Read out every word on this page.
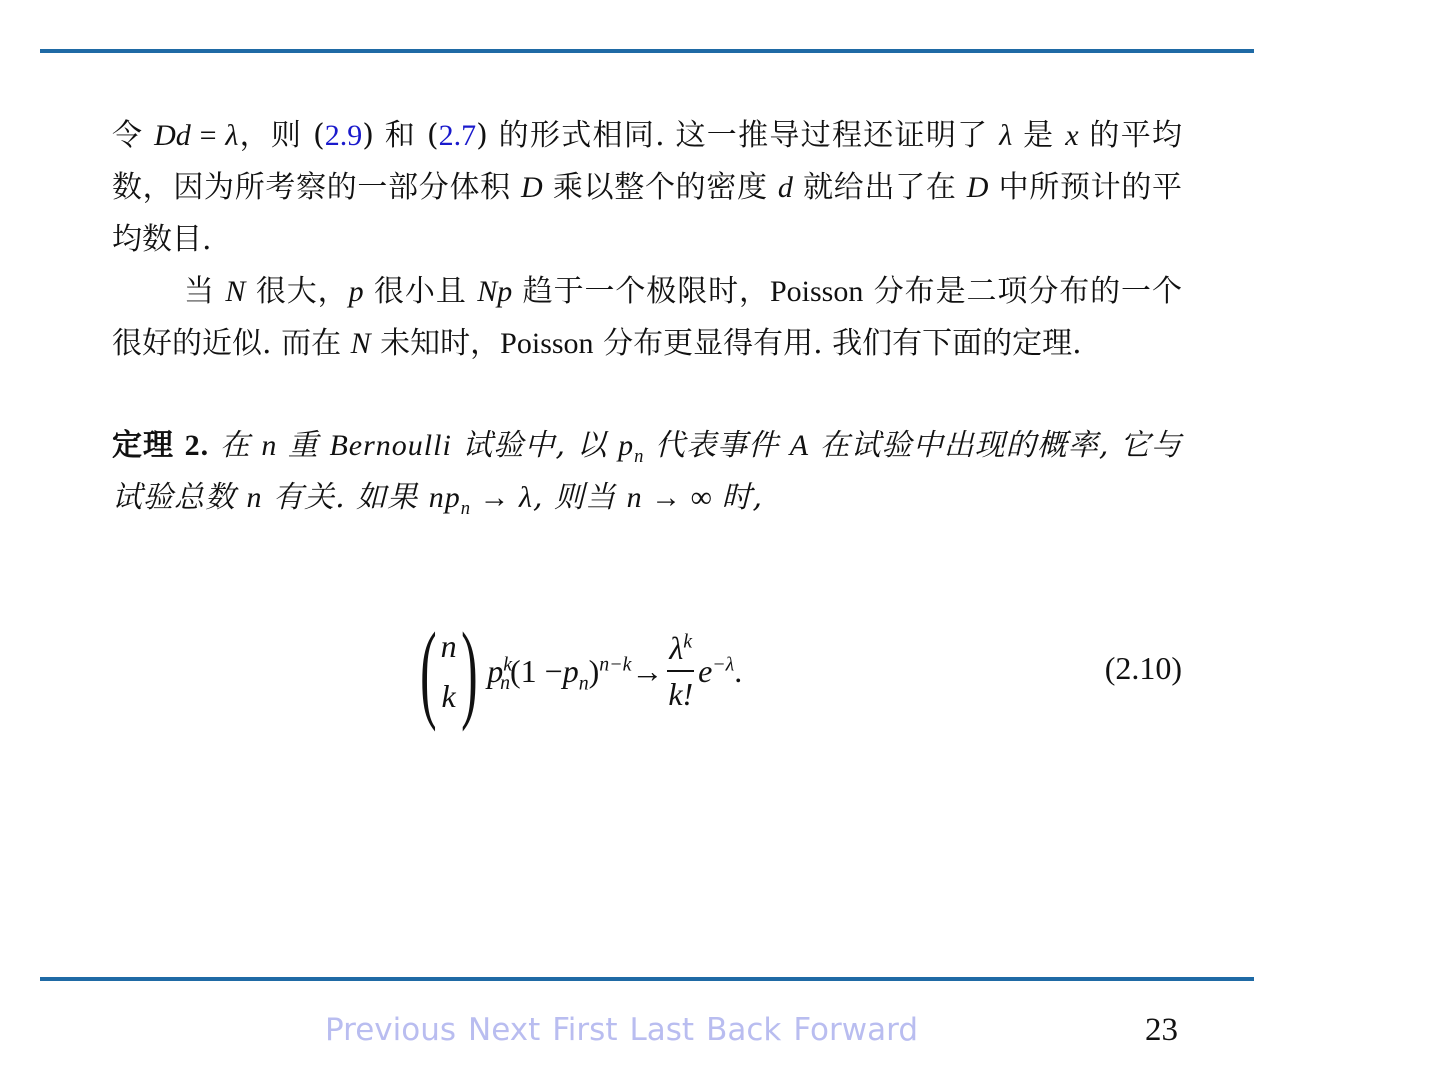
令 Dd = λ，则 (2.9) 和 (2.7) 的形式相同. 这一推导过程还证明了 λ 是 x 的平均数，因为所考察的一部分体积 D 乘以整个的密度 d 就给出了在 D 中所预计的平均数目.

当 N 很大，p 很小且 Np 趋于一个极限时，Poisson 分布是二项分布的一个很好的近似. 而在 N 未知时，Poisson 分布更显得有用. 我们有下面的定理.

定理 2. 在 n 重 Bernoulli 试验中, 以 $p_n$ 代表事件 A 在试验中出现的概率, 它与试验总数 n 有关. 如果 $np_n \to \lambda$, 则当 n → ∞ 时,

( n
k ) $p^k_n$ ($1 - p_n$ )$^{n-k} \to \frac{\lambda^k}{k!} e^{-\lambda}$ .	(2.10)
Previous Next First Last Back Forward	23
